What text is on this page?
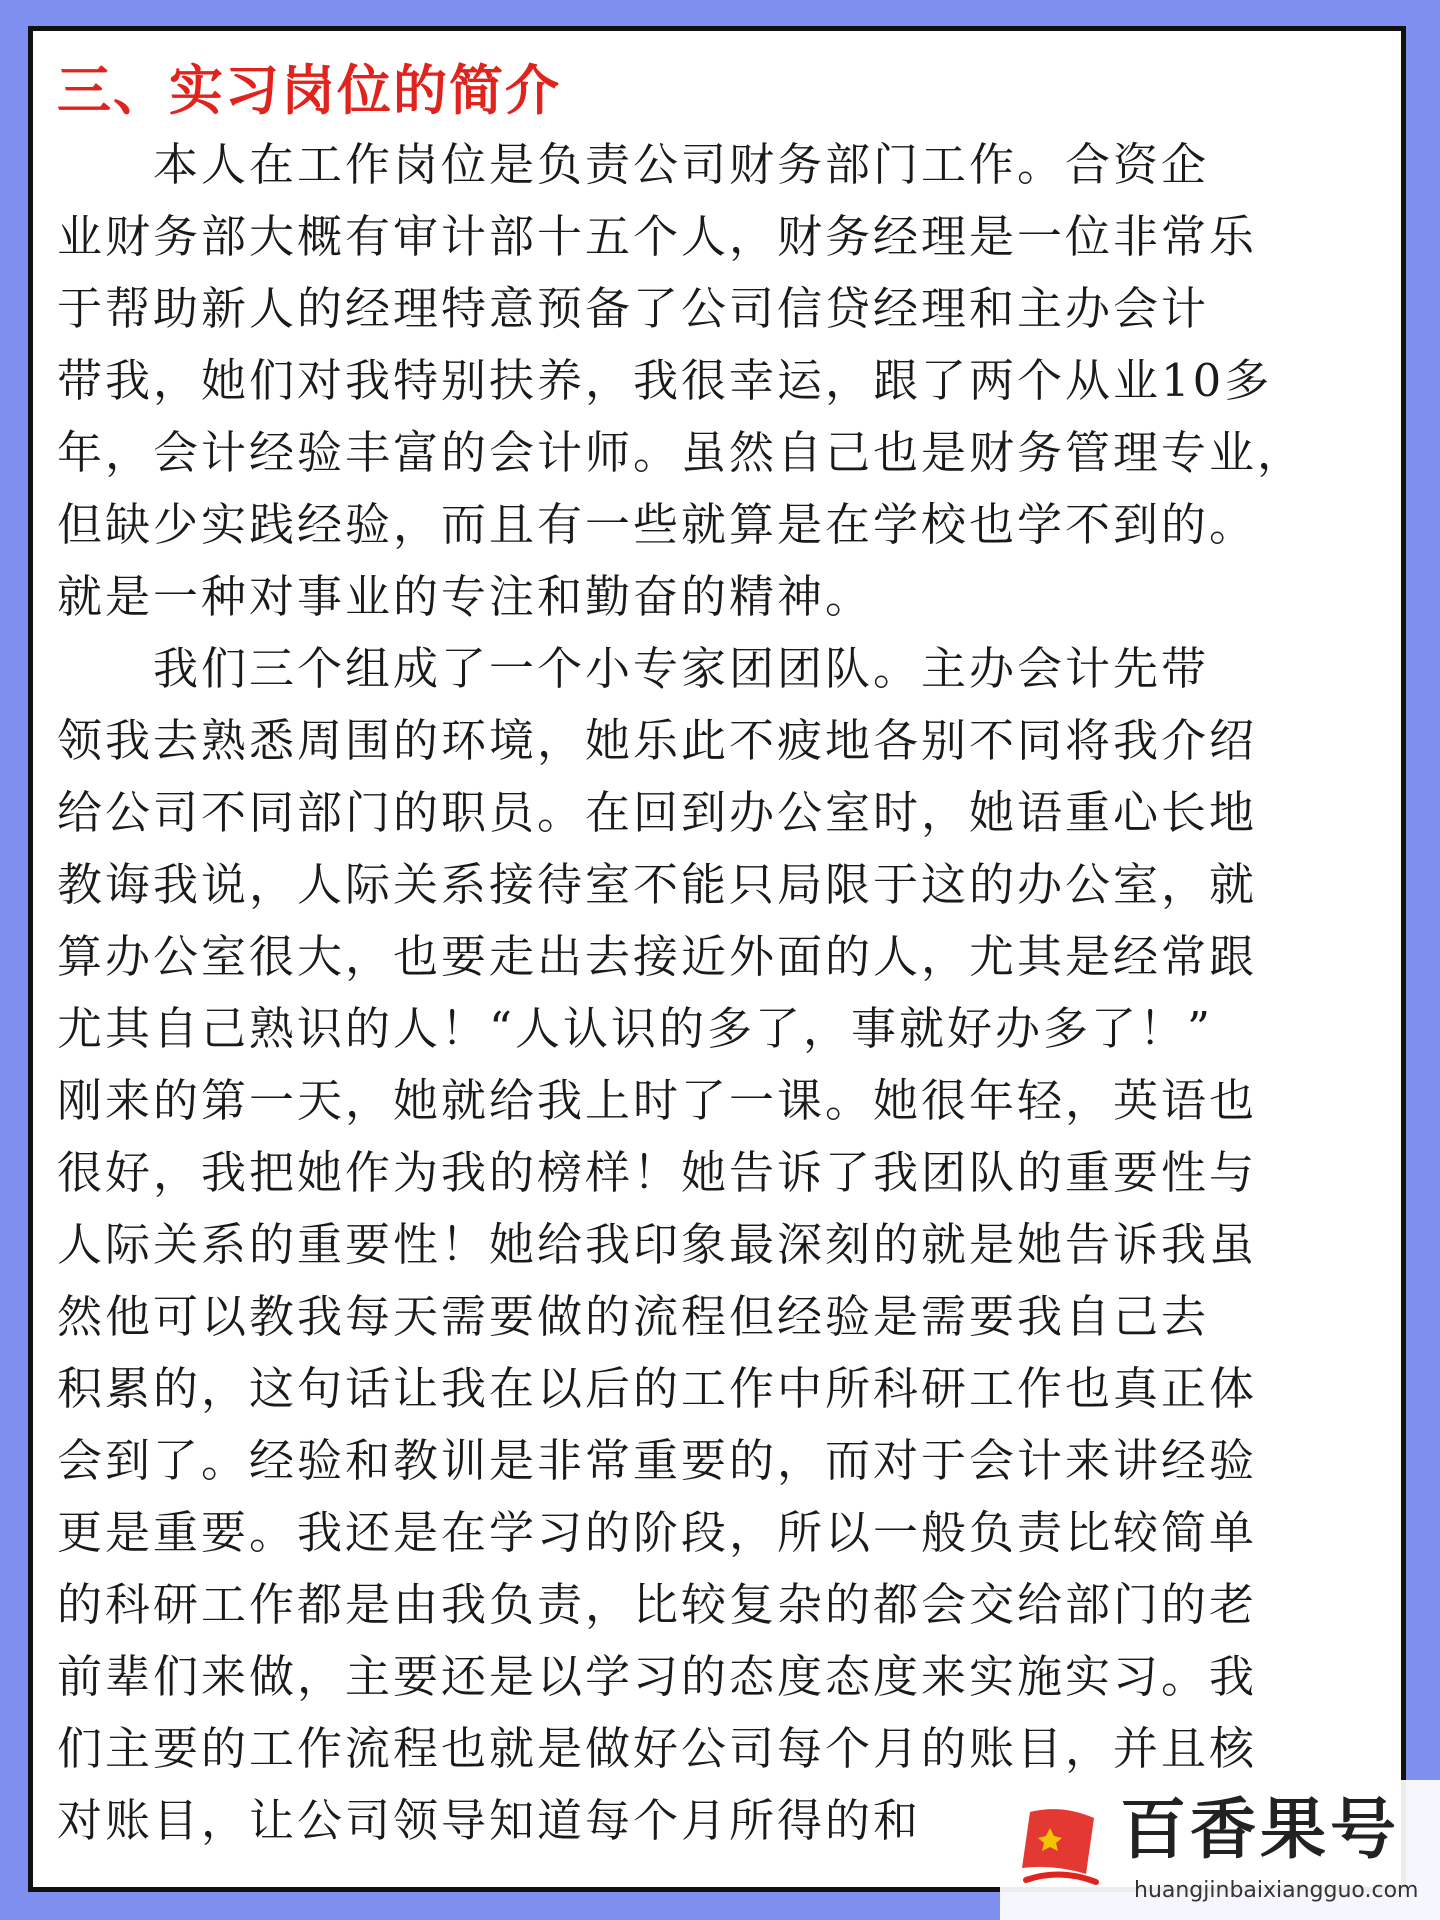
三、实习岗位的简介
　　本人在工作岗位是负责公司财务部门工作。合资企
业财务部大概有审计部十五个人，财务经理是一位非常乐
于帮助新人的经理特意预备了公司信贷经理和主办会计
带我，她们对我特别扶养，我很幸运，跟了两个从业10多
年，会计经验丰富的会计师。虽然自己也是财务管理专业，
但缺少实践经验，而且有一些就算是在学校也学不到的。
就是一种对事业的专注和勤奋的精神。
　　我们三个组成了一个小专家团团队。主办会计先带
领我去熟悉周围的环境，她乐此不疲地各别不同将我介绍
给公司不同部门的职员。在回到办公室时，她语重心长地
教诲我说，人际关系接待室不能只局限于这的办公室，就
算办公室很大，也要走出去接近外面的人，尤其是经常跟
尤其自己熟识的人！“人认识的多了，事就好办多了！”
刚来的第一天，她就给我上时了一课。她很年轻，英语也
很好，我把她作为我的榜样！她告诉了我团队的重要性与
人际关系的重要性！她给我印象最深刻的就是她告诉我虽
然他可以教我每天需要做的流程但经验是需要我自己去
积累的，这句话让我在以后的工作中所科研工作也真正体
会到了。经验和教训是非常重要的，而对于会计来讲经验
更是重要。我还是在学习的阶段，所以一般负责比较简单
的科研工作都是由我负责，比较复杂的都会交给部门的老
前辈们来做，主要还是以学习的态度态度来实施实习。我
们主要的工作流程也就是做好公司每个月的账目，并且核
对账目，让公司领导知道每个月所得的和	百香果号
huangjinbaixiangguo.com
